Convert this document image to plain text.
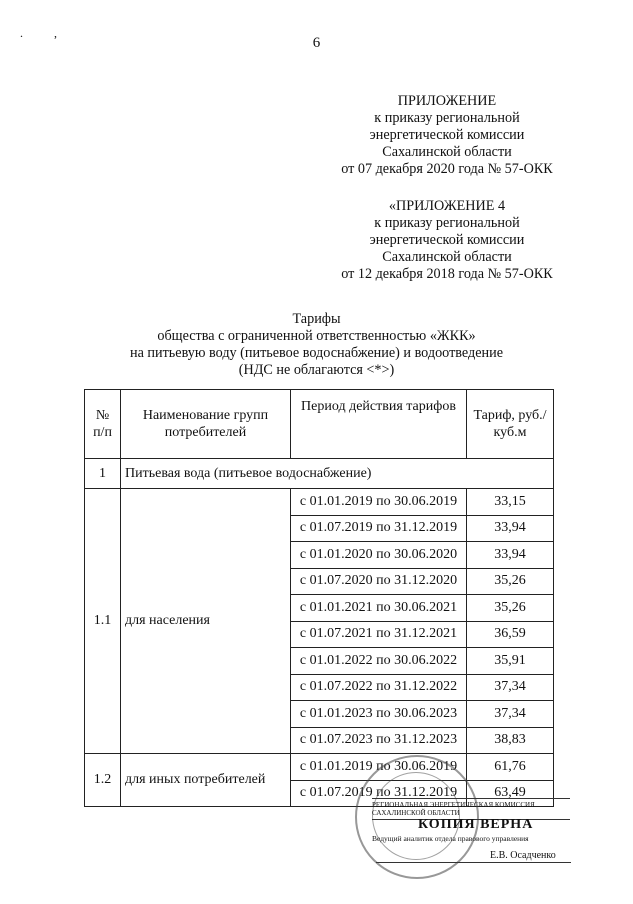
. ,
6
ПРИЛОЖЕНИЕ
к приказу региональной
энергетической комиссии
Сахалинской области
от 07 декабря 2020 года № 57-ОКК
«ПРИЛОЖЕНИЕ 4
к приказу региональной
энергетической комиссии
Сахалинской области
от 12 декабря 2018 года № 57-ОКК
Тарифы
общества с ограниченной ответственностью «ЖКК»
на питьевую воду (питьевое водоснабжение) и водоотведение
(НДС не облагаются <*>)
№ п/п	Наименование групп потребителей	Период действия тарифов	Тариф, руб./куб.м
1	Питьевая вода (питьевое водоснабжение)		
1.1	для населения	с 01.01.2019 по 30.06.2019	33,15
		с 01.07.2019 по 31.12.2019	33,94
		с 01.01.2020 по 30.06.2020	33,94
		с 01.07.2020 по 31.12.2020	35,26
		с 01.01.2021 по 30.06.2021	35,26
		с 01.07.2021 по 31.12.2021	36,59
		с 01.01.2022 по 30.06.2022	35,91
		с 01.07.2022 по 31.12.2022	37,34
		с 01.01.2023 по 30.06.2023	37,34
		с 01.07.2023 по 31.12.2023	38,83
1.2	для иных потребителей	с 01.01.2019 по 30.06.2019	61,76
		с 01.07.2019 по 31.12.2019	63,49
РЕГИОНАЛЬНАЯ ЭНЕРГЕТИЧЕСКАЯ КОМИССИЯ САХАЛИНСКОЙ ОБЛАСТИ
КОПИЯ ВЕРНА
Ведущий аналитик отдела правового управления
Е.В. Осадченко
